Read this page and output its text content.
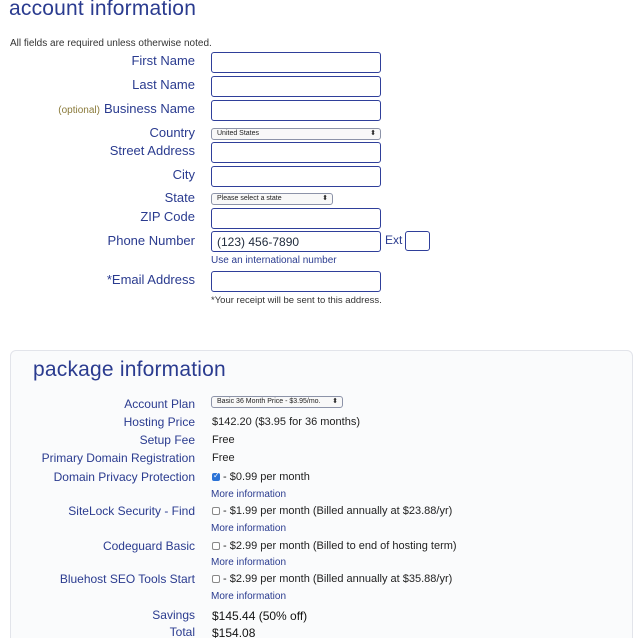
account information
All fields are required unless otherwise noted.
First Name
Last Name
(optional) Business Name
Country	United States	⬍
Street Address
City
State	Please select a state	⬍
ZIP Code
Phone Number
(123) 456-7890	Ext
Use an international number
*Email Address
*Your receipt will be sent to this address.
package information
Account Plan	Basic 36 Month Price - $3.95/mo. ⬍
Hosting Price $142.20 ($3.95 for 36 months)
Setup Fee Free
Primary Domain Registration Free
Domain Privacy Protection
✓	- $0.99 per month
More information
SiteLock Security - Find	- $1.99 per month (Billed annually at $23.88/yr)
More information
Codeguard Basic	- $2.99 per month (Billed to end of hosting term)
More information
Bluehost SEO Tools Start	- $2.99 per month (Billed annually at $35.88/yr)
More information
Savings $145.44 (50% off)
Total $154.08
